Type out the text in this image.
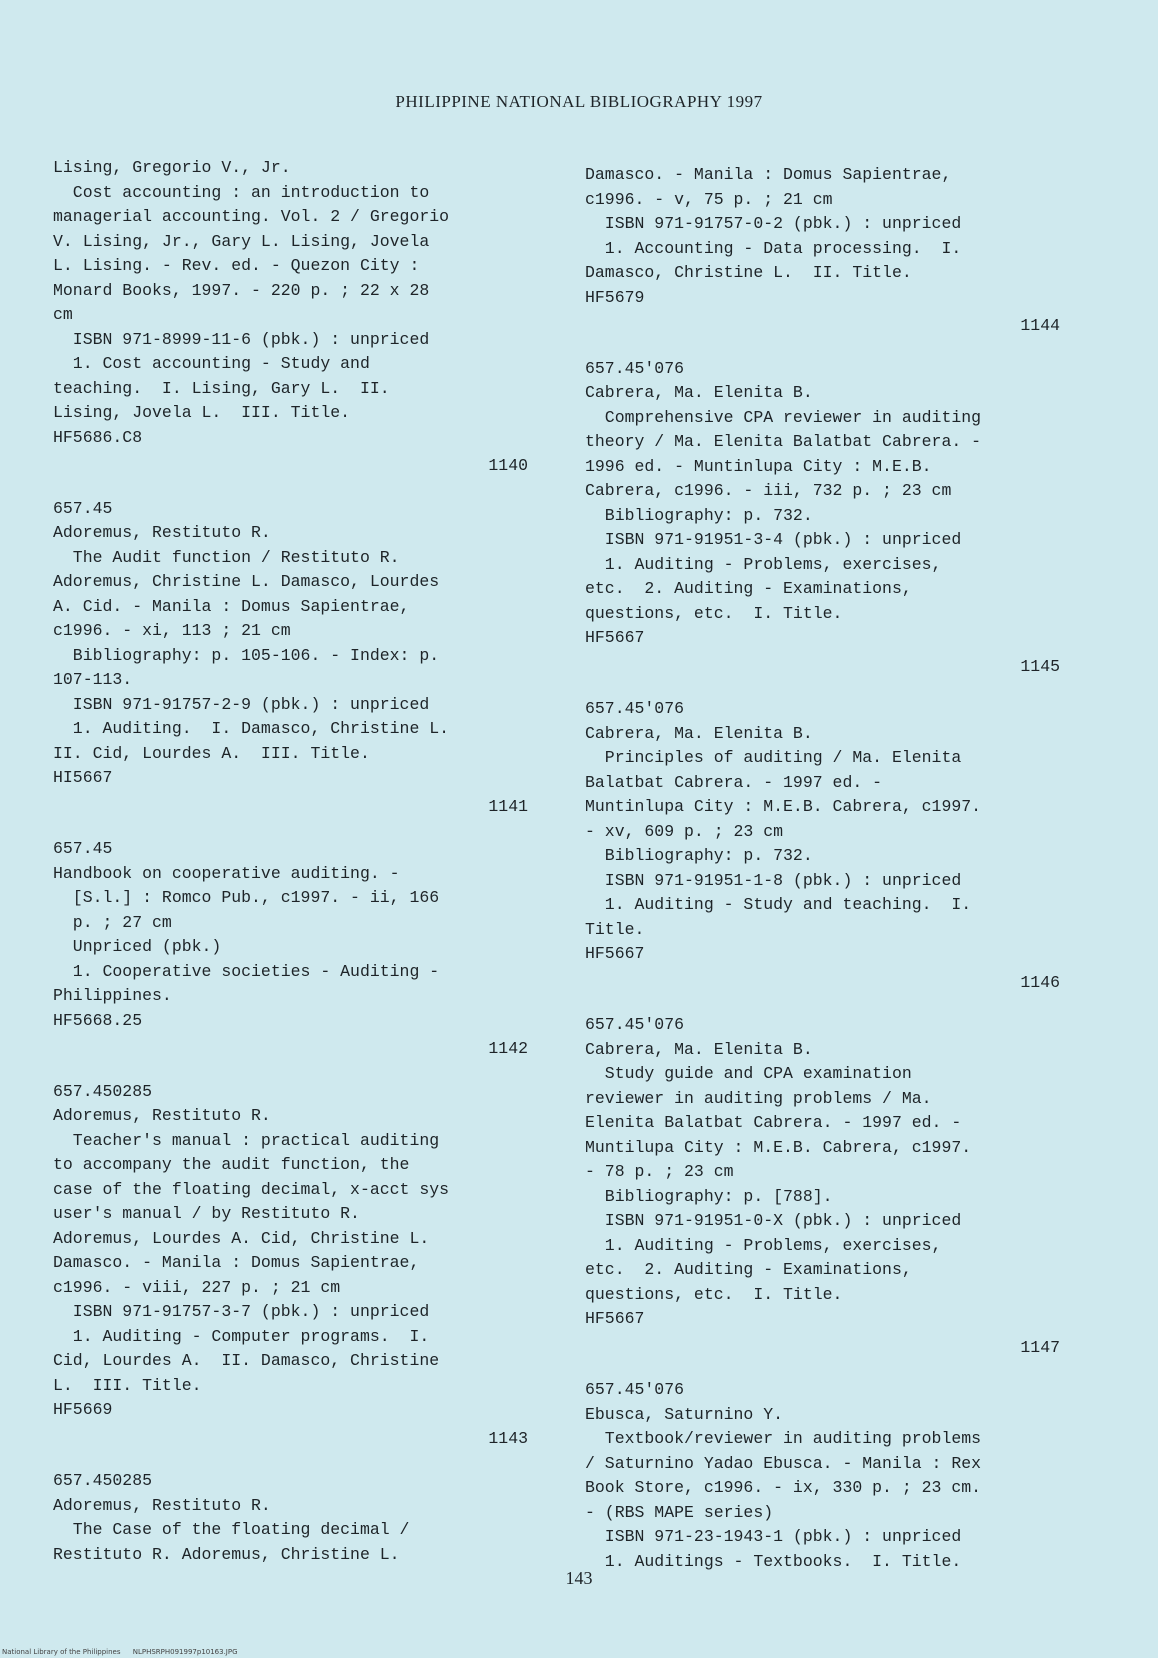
PHILIPPINE NATIONAL BIBLIOGRAPHY 1997
Lising, Gregorio V., Jr.
Cost accounting : an introduction to
managerial accounting. Vol. 2 / Gregorio
V. Lising, Jr., Gary L. Lising, Jovela
L. Lising. - Rev. ed. - Quezon City :
Monard Books, 1997. - 220 p. ; 22 x 28
cm
ISBN 971-8999-11-6 (pbk.) : unpriced
1. Cost accounting - Study and
teaching.  I. Lising, Gary L.  II.
Lising, Jovela L.  III. Title.
HF5686.C8
1140
657.45
Adoremus, Restituto R.
The Audit function / Restituto R.
Adoremus, Christine L. Damasco, Lourdes
A. Cid. - Manila : Domus Sapientrae,
c1996. - xi, 113 ; 21 cm
Bibliography: p. 105-106. - Index: p.
107-113.
ISBN 971-91757-2-9 (pbk.) : unpriced
1. Auditing.  I. Damasco, Christine L.
II. Cid, Lourdes A.  III. Title.
HI5667
1141
657.45
Handbook on cooperative auditing. -
[S.l.] : Romco Pub., c1997. - ii, 166
p. ; 27 cm
Unpriced (pbk.)
1. Cooperative societies - Auditing -
Philippines.
HF5668.25
1142
657.450285
Adoremus, Restituto R.
Teacher's manual : practical auditing
to accompany the audit function, the
case of the floating decimal, x-acct sys
user's manual / by Restituto R.
Adoremus, Lourdes A. Cid, Christine L.
Damasco. - Manila : Domus Sapientrae,
c1996. - viii, 227 p. ; 21 cm
ISBN 971-91757-3-7 (pbk.) : unpriced
1. Auditing - Computer programs.  I.
Cid, Lourdes A.  II. Damasco, Christine
L.  III. Title.
HF5669
1143
657.450285
Adoremus, Restituto R.
The Case of the floating decimal /
Restituto R. Adoremus, Christine L.
Damasco. - Manila : Domus Sapientrae,
c1996. - v, 75 p. ; 21 cm
ISBN 971-91757-0-2 (pbk.) : unpriced
1. Accounting - Data processing.  I.
Damasco, Christine L.  II. Title.
HF5679
1144
657.45'076
Cabrera, Ma. Elenita B.
Comprehensive CPA reviewer in auditing
theory / Ma. Elenita Balatbat Cabrera. -
1996 ed. - Muntinlupa City : M.E.B.
Cabrera, c1996. - iii, 732 p. ; 23 cm
Bibliography: p. 732.
ISBN 971-91951-3-4 (pbk.) : unpriced
1. Auditing - Problems, exercises,
etc.  2. Auditing - Examinations,
questions, etc.  I. Title.
HF5667
1145
657.45'076
Cabrera, Ma. Elenita B.
Principles of auditing / Ma. Elenita
Balatbat Cabrera. - 1997 ed. -
Muntinlupa City : M.E.B. Cabrera, c1997.
- xv, 609 p. ; 23 cm
Bibliography: p. 732.
ISBN 971-91951-1-8 (pbk.) : unpriced
1. Auditing - Study and teaching.  I.
Title.
HF5667
1146
657.45'076
Cabrera, Ma. Elenita B.
Study guide and CPA examination
reviewer in auditing problems / Ma.
Elenita Balatbat Cabrera. - 1997 ed. -
Muntilupa City : M.E.B. Cabrera, c1997.
- 78 p. ; 23 cm
Bibliography: p. [788].
ISBN 971-91951-0-X (pbk.) : unpriced
1. Auditing - Problems, exercises,
etc.  2. Auditing - Examinations,
questions, etc.  I. Title.
HF5667
1147
657.45'076
Ebusca, Saturnino Y.
Textbook/reviewer in auditing problems
/ Saturnino Yadao Ebusca. - Manila : Rex
Book Store, c1996. - ix, 330 p. ; 23 cm.
- (RBS MAPE series)
ISBN 971-23-1943-1 (pbk.) : unpriced
1. Auditings - Textbooks.  I. Title.
143
National Library of the Philippines NLPHSRPH091997p10163.JPG
